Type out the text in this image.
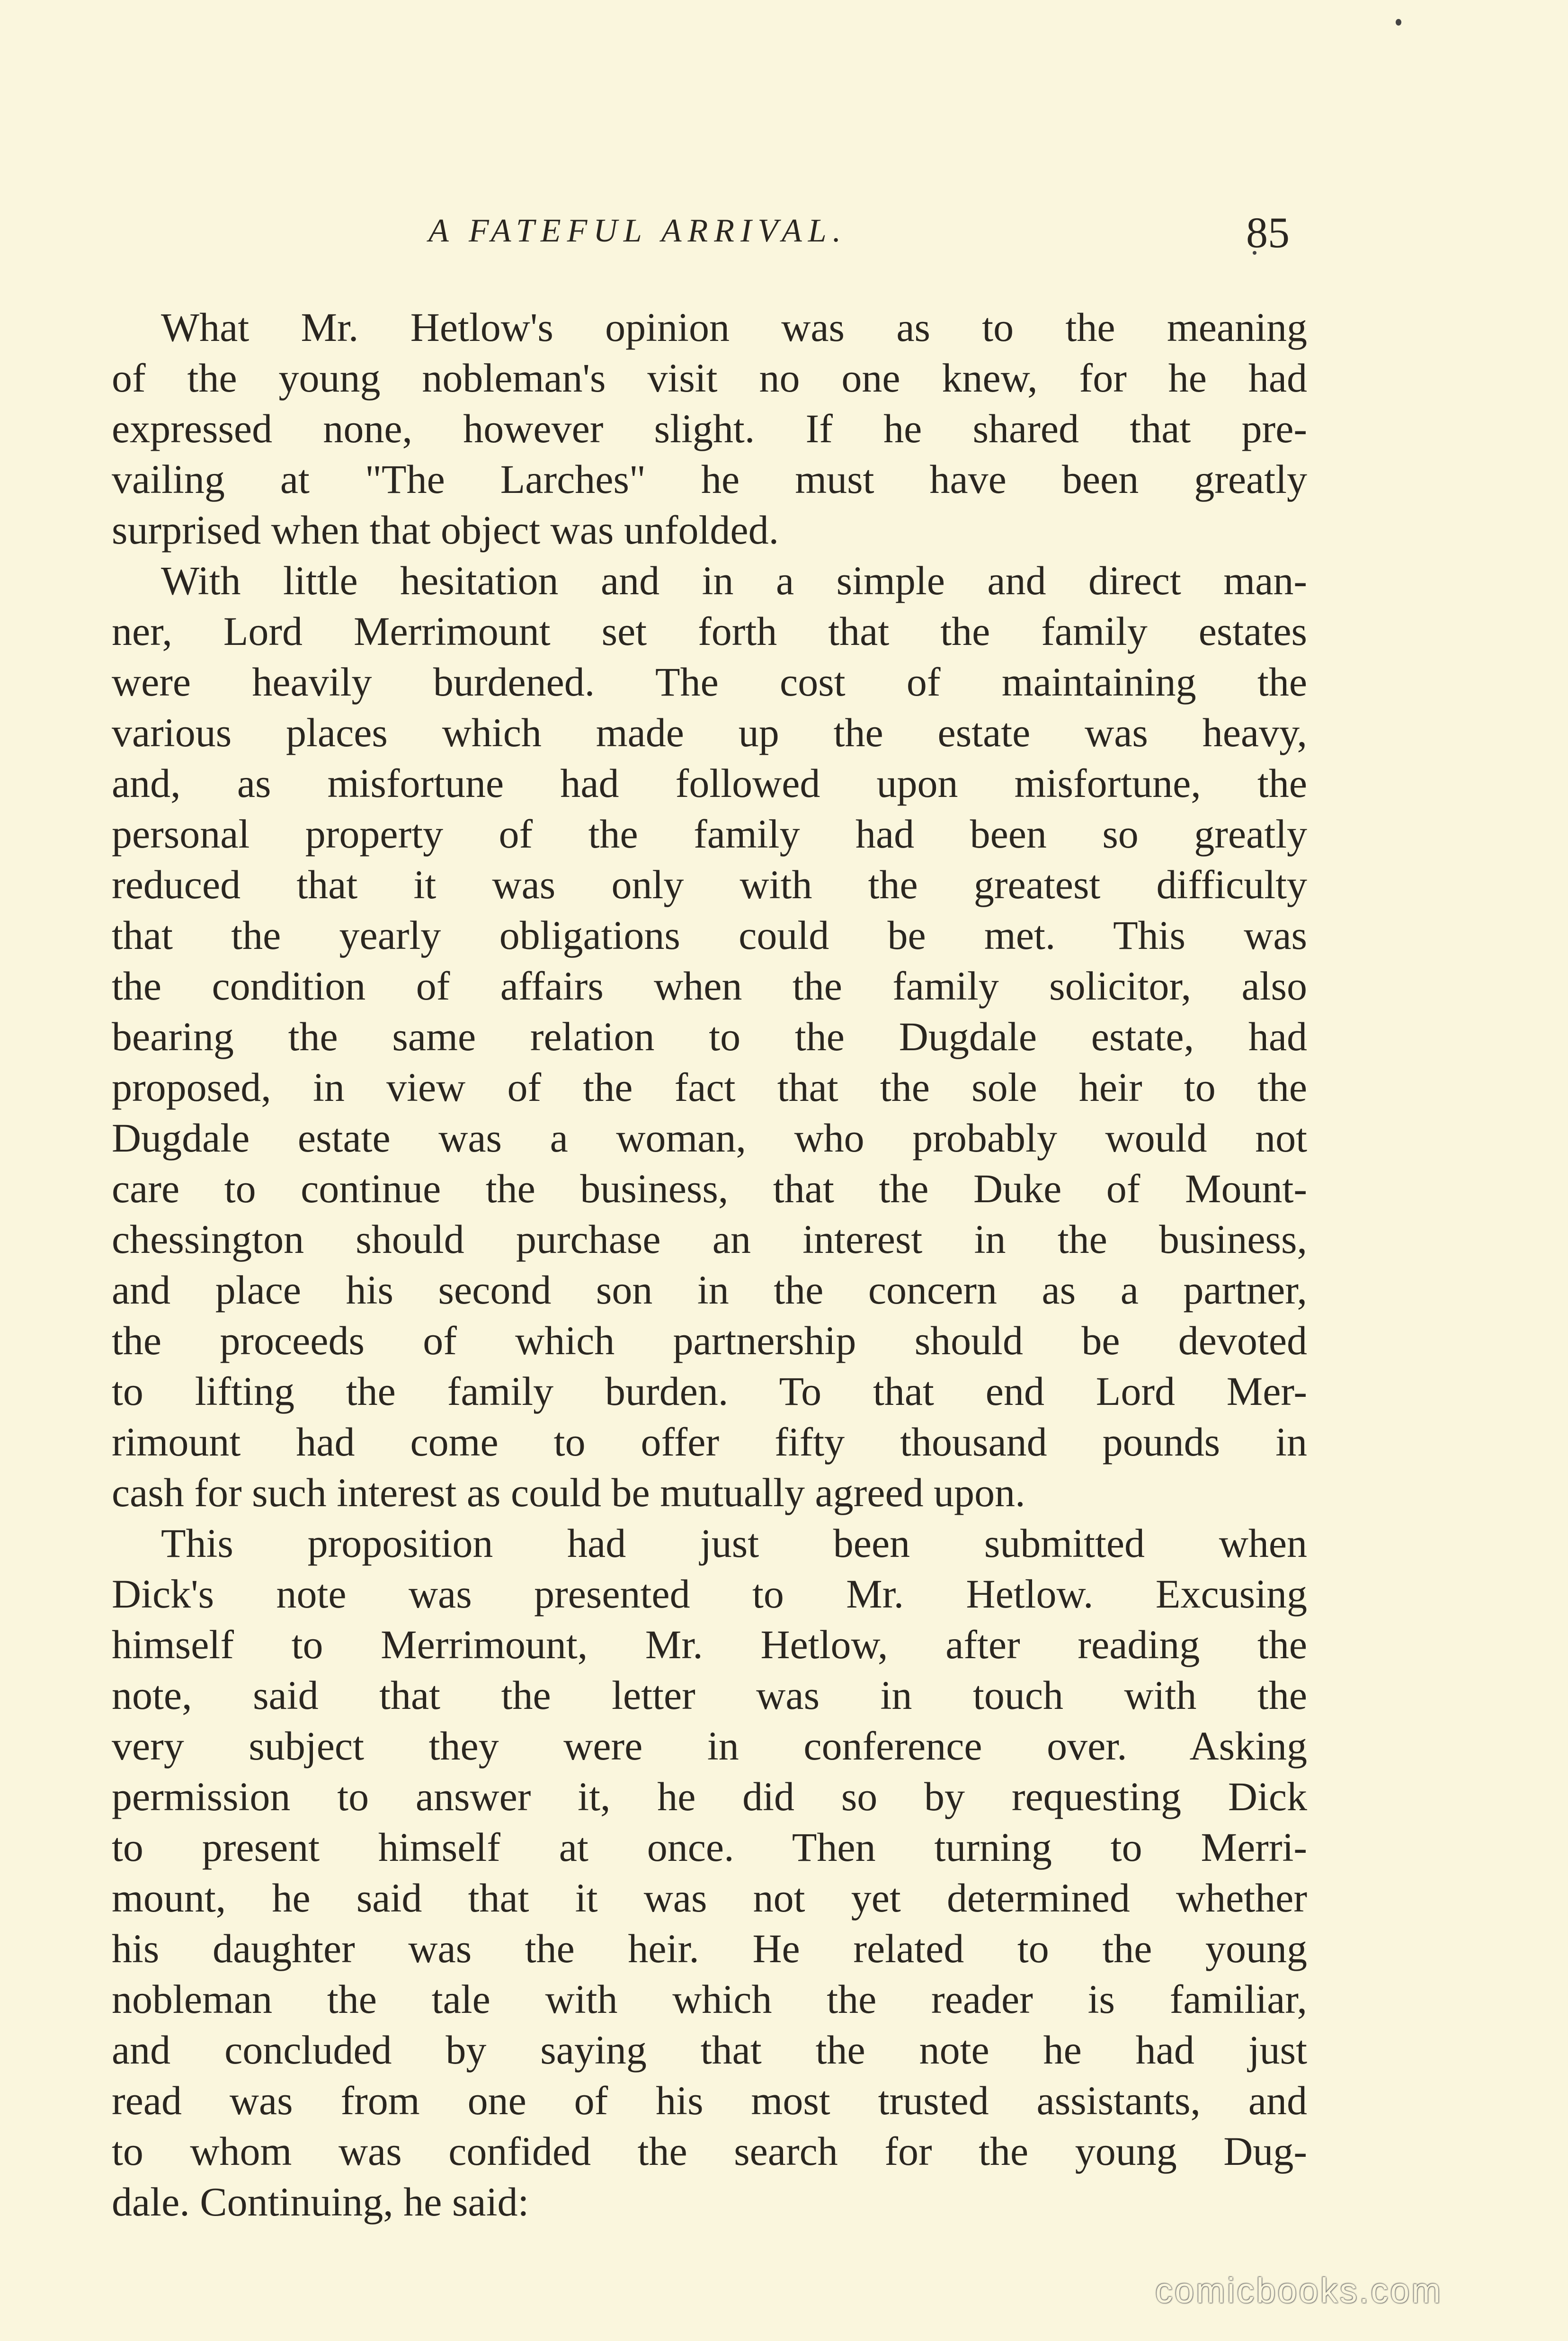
A FATEFUL ARRIVAL.	85
What Mr. Hetlow's opinion was as to the meaning
of the young nobleman's visit no one knew, for he had
expressed none, however slight. If he shared that pre-
vailing at "The Larches" he must have been greatly
surprised when that object was unfolded.
With little hesitation and in a simple and direct man-
ner, Lord Merrimount set forth that the family estates
were heavily burdened. The cost of maintaining the
various places which made up the estate was heavy,
and, as misfortune had followed upon misfortune, the
personal property of the family had been so greatly
reduced that it was only with the greatest difficulty
that the yearly obligations could be met. This was
the condition of affairs when the family solicitor, also
bearing the same relation to the Dugdale estate, had
proposed, in view of the fact that the sole heir to the
Dugdale estate was a woman, who probably would not
care to continue the business, that the Duke of Mount-
chessington should purchase an interest in the business,
and place his second son in the concern as a partner,
the proceeds of which partnership should be devoted
to lifting the family burden. To that end Lord Mer-
rimount had come to offer fifty thousand pounds in
cash for such interest as could be mutually agreed upon.
This proposition had just been submitted when
Dick's note was presented to Mr. Hetlow. Excusing
himself to Merrimount, Mr. Hetlow, after reading the
note, said that the letter was in touch with the
very subject they were in conference over. Asking
permission to answer it, he did so by requesting Dick
to present himself at once. Then turning to Merri-
mount, he said that it was not yet determined whether
his daughter was the heir. He related to the young
nobleman the tale with which the reader is familiar,
and concluded by saying that the note he had just
read was from one of his most trusted assistants, and
to whom was confided the search for the young Dug-
dale. Continuing, he said:
comicbooks.com
